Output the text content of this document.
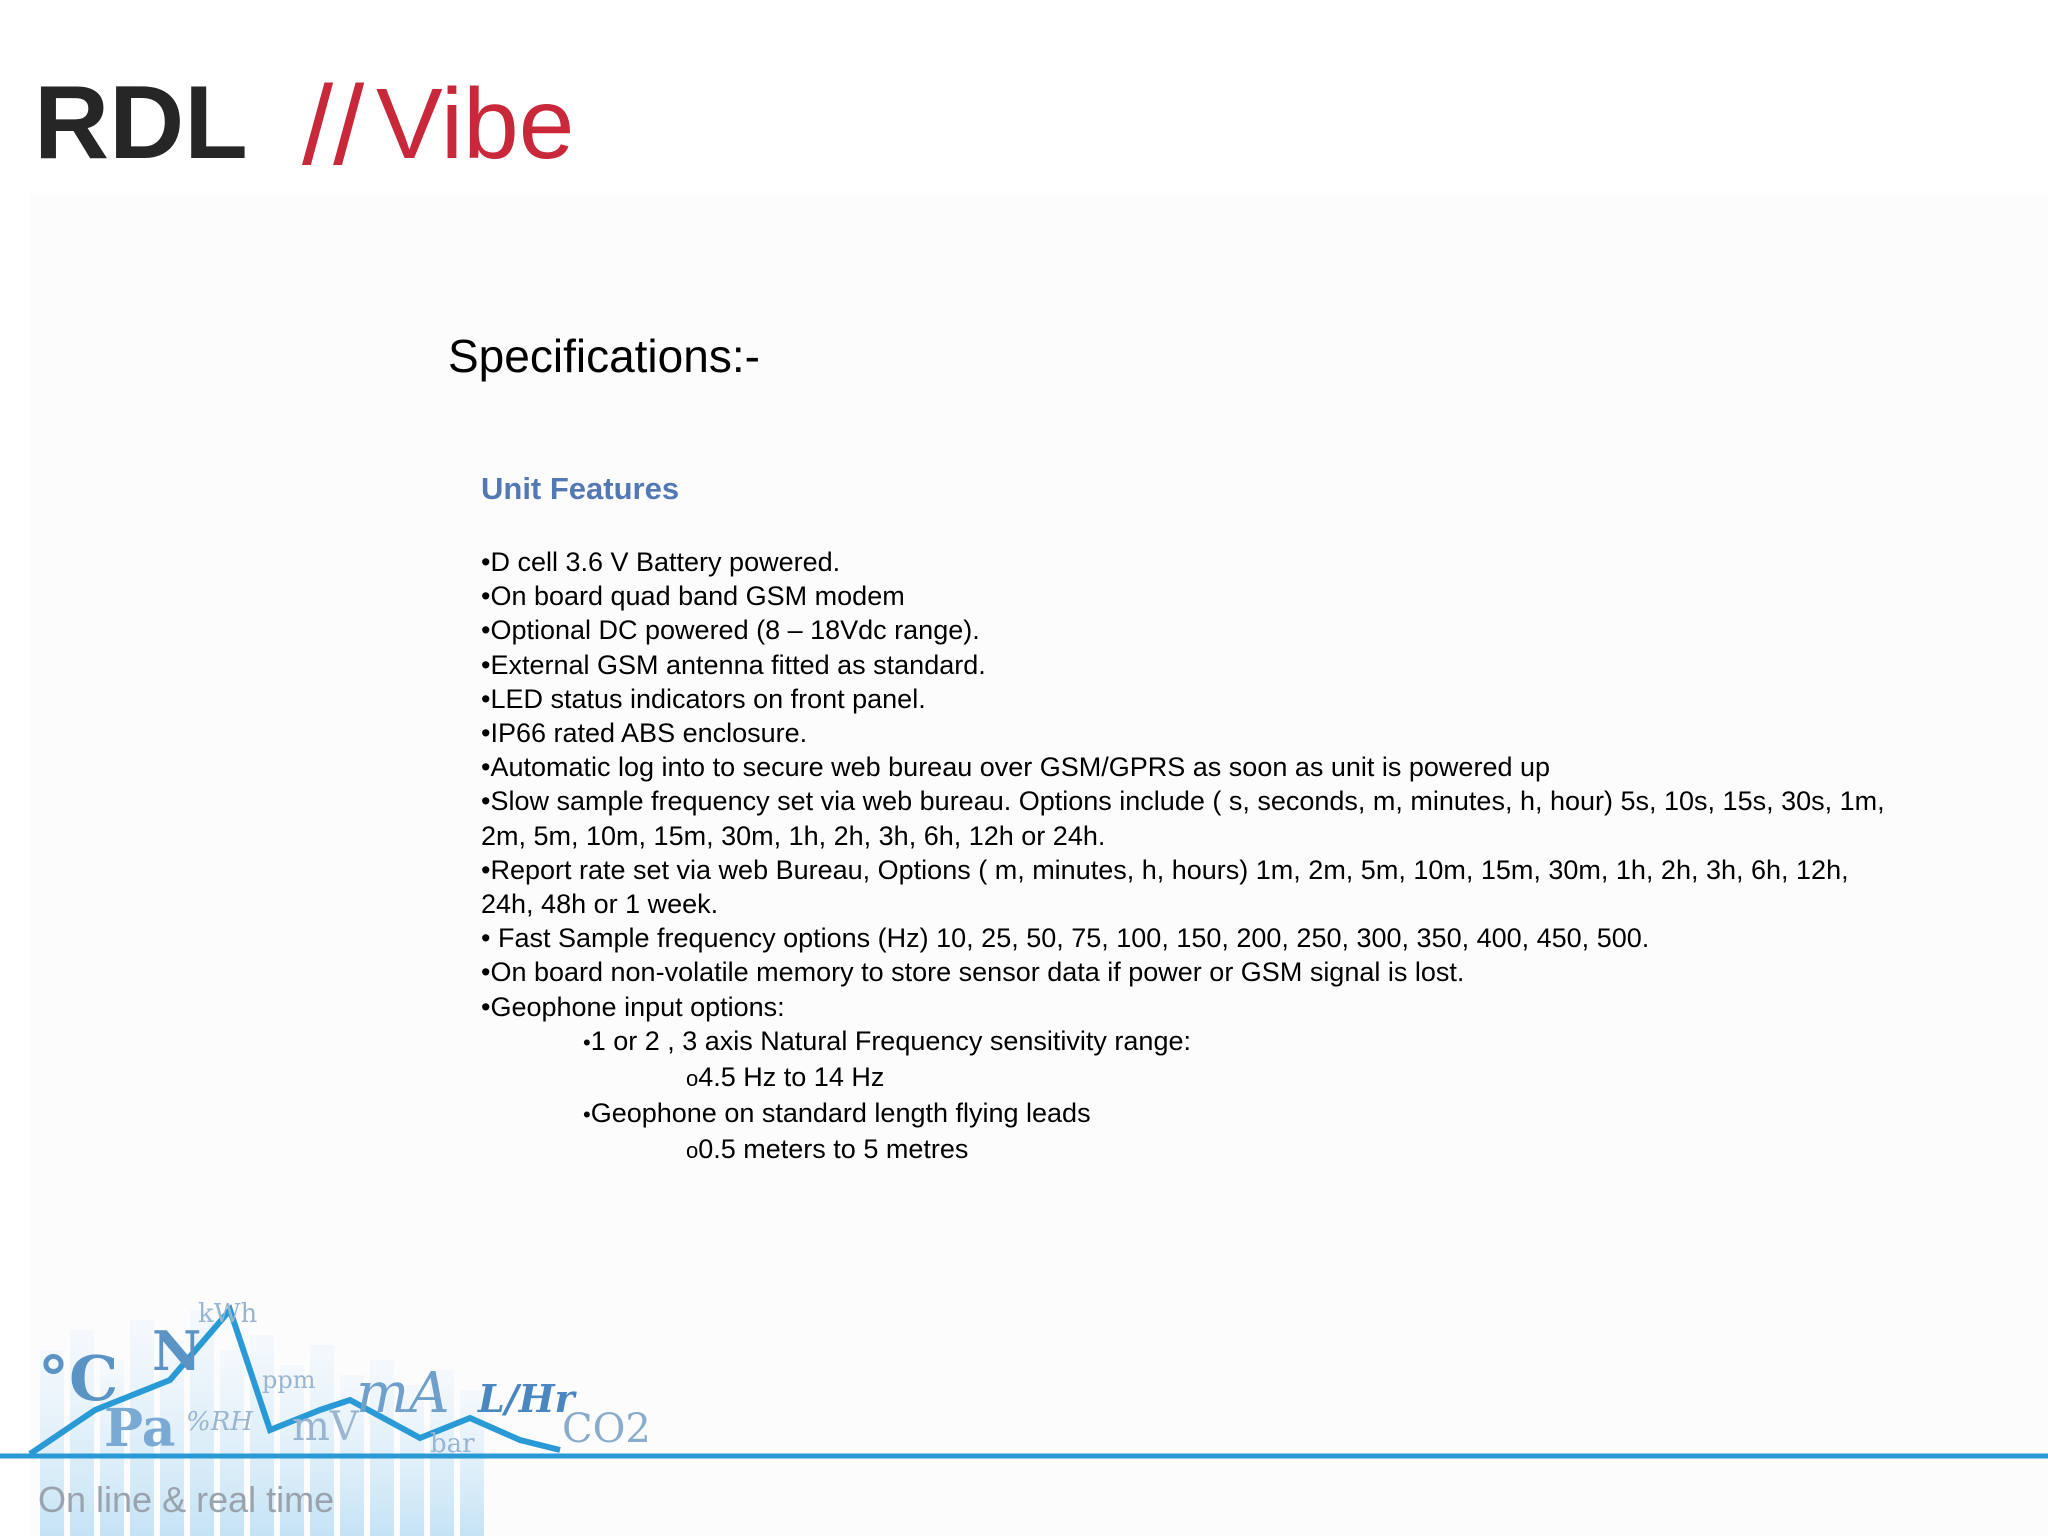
RDL // Vibe
Specifications:-
Unit Features
•D cell 3.6 V Battery powered.
•On board quad band GSM modem
•Optional DC powered (8 – 18Vdc range).
•External GSM antenna fitted as standard.
•LED status indicators on front panel.
•IP66 rated ABS enclosure.
•Automatic log into to secure web bureau over GSM/GPRS as soon as unit is powered up
•Slow sample frequency set via web bureau. Options include ( s, seconds, m, minutes, h, hour) 5s, 10s, 15s, 30s, 1m, 2m, 5m, 10m, 15m, 30m, 1h, 2h, 3h, 6h, 12h or 24h.
•Report rate set via web Bureau, Options ( m, minutes, h, hours) 1m, 2m, 5m, 10m, 15m, 30m, 1h, 2h, 3h, 6h, 12h, 24h, 48h or 1 week.
• Fast Sample frequency options (Hz) 10, 25, 50, 75, 100, 150, 200, 250, 300, 350, 400, 450, 500.
•On board non-volatile memory to store sensor data if power or GSM signal is lost.
•Geophone input options:
•1 or 2 , 3 axis Natural Frequency sensitivity range:
o4.5 Hz to 14 Hz
•Geophone on standard length flying leads
o0.5 meters to 5 metres
°C N
kWh
ppm
Pa %RH mV
mA L/Hr
bar CO2
On line & real time
